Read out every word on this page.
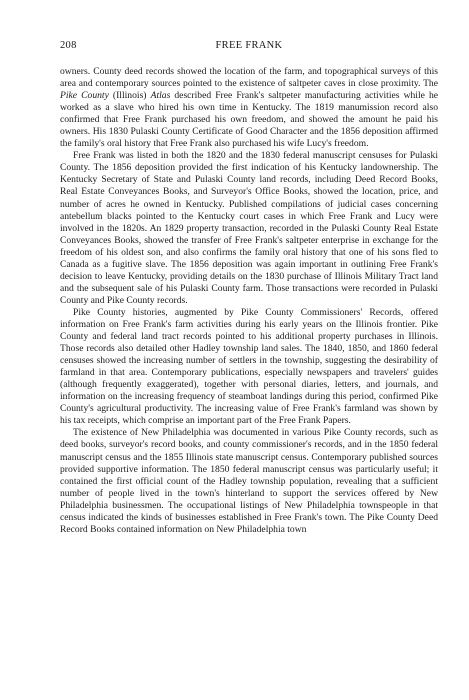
208	FREE FRANK

owners. County deed records showed the location of the farm, and topographical surveys of this area and contemporary sources pointed to the existence of saltpeter caves in close proximity. The Pike County (Illinois) Atlas described Free Frank's saltpeter manufacturing activities while he worked as a slave who hired his own time in Kentucky. The 1819 manumission record also confirmed that Free Frank purchased his own freedom, and showed the amount he paid his owners. His 1830 Pulaski County Certificate of Good Character and the 1856 deposition affirmed the family's oral history that Free Frank also purchased his wife Lucy's freedom.

Free Frank was listed in both the 1820 and the 1830 federal manuscript censuses for Pulaski County. The 1856 deposition provided the first indication of his Kentucky landownership. The Kentucky Secretary of State and Pulaski County land records, including Deed Record Books, Real Estate Conveyances Books, and Surveyor's Office Books, showed the location, price, and number of acres he owned in Kentucky. Published compilations of judicial cases concerning antebellum blacks pointed to the Kentucky court cases in which Free Frank and Lucy were involved in the 1820s. An 1829 property transaction, recorded in the Pulaski County Real Estate Conveyances Books, showed the transfer of Free Frank's saltpeter enterprise in exchange for the freedom of his oldest son, and also confirms the family oral history that one of his sons fled to Canada as a fugitive slave. The 1856 deposition was again important in outlining Free Frank's decision to leave Kentucky, providing details on the 1830 purchase of Illinois Military Tract land and the subsequent sale of his Pulaski County farm. Those transactions were recorded in Pulaski County and Pike County records.

Pike County histories, augmented by Pike County Commissioners' Records, offered information on Free Frank's farm activities during his early years on the Illinois frontier. Pike County and federal land tract records pointed to his additional property purchases in Illinois. Those records also detailed other Hadley township land sales. The 1840, 1850, and 1860 federal censuses showed the increasing number of settlers in the township, suggesting the desirability of farmland in that area. Contemporary publications, especially newspapers and travelers' guides (although frequently exaggerated), together with personal diaries, letters, and journals, and information on the increasing frequency of steamboat landings during this period, confirmed Pike County's agricultural productivity. The increasing value of Free Frank's farmland was shown by his tax receipts, which comprise an important part of the Free Frank Papers.

The existence of New Philadelphia was documented in various Pike County records, such as deed books, surveyor's record books, and county commissioner's records, and in the 1850 federal manuscript census and the 1855 Illinois state manuscript census. Contemporary published sources provided supportive information. The 1850 federal manuscript census was particularly useful; it contained the first official count of the Hadley township population, revealing that a sufficient number of people lived in the town's hinterland to support the services offered by New Philadelphia businessmen. The occupational listings of New Philadelphia townspeople in that census indicated the kinds of businesses established in Free Frank's town. The Pike County Deed Record Books contained information on New Philadelphia town
